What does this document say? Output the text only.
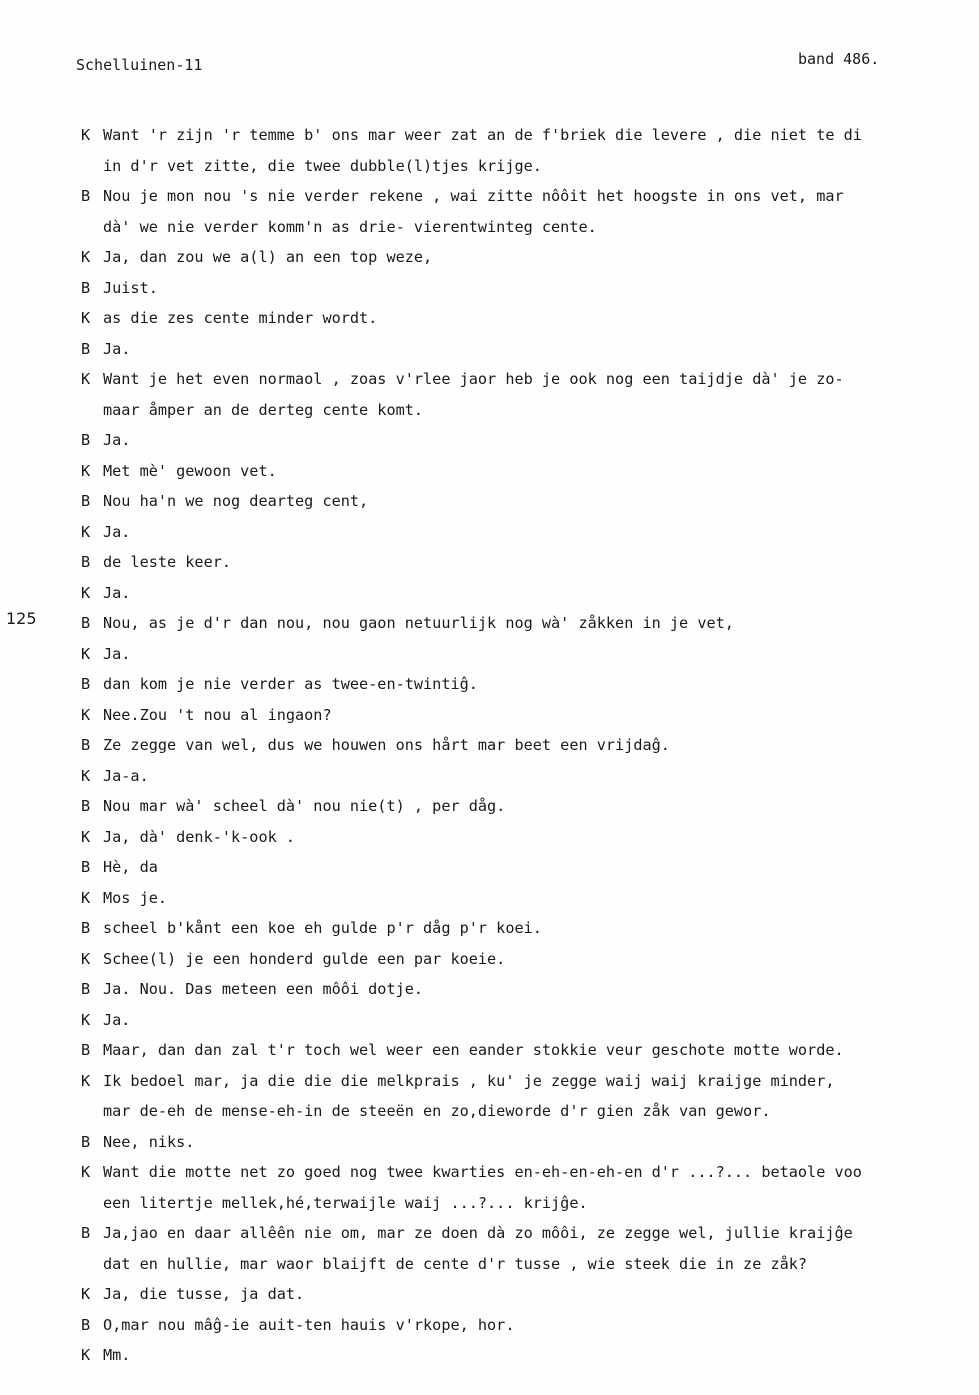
Schelluinen-11	band 486.
125
K Want 'r zijn 'r temme b' ons mar weer zat an de f'briek die levere , die niet te di
in d'r vet zitte, die twee dubble(l)tjes krijge.
B Nou je mon nou 's nie verder rekene , wai zitte nôôit het hoogste in ons vet, mar
dà' we nie verder komm'n as drie- vierentwinteg cente.
K Ja, dan zou we a(l) an een top weze,
B Juist.
K as die zes cente minder wordt.
B Ja.
K Want je het even normaol , zoas v'rlee jaor heb je ook nog een taijdje dà' je zo-
maar åmper an de derteg cente komt.
B Ja.
K Met mè' gewoon vet.
B Nou ha'n we nog dearteg cent,
K Ja.
B de leste keer.
K Ja.
B Nou, as je d'r dan nou, nou gaon netuurlijk nog wà' zåkken in je vet,
K Ja.
B dan kom je nie verder as twee-en-twintiĝ.
K Nee.Zou 't nou al ingaon?
B Ze zegge van wel, dus we houwen ons hårt mar beet een vrijdaĝ.
K Ja-a.
B Nou mar wà' scheel dà' nou nie(t) , per dåg.
K Ja, dà' denk-'k-ook .
B Hè, da
K Mos je.
B scheel b'kånt een koe eh gulde p'r dåg p'r koei.
K Schee(l) je een honderd gulde een par koeie.
B Ja. Nou. Das meteen een môôi dotje.
K Ja.
B Maar, dan dan zal t'r toch wel weer een eander stokkie veur geschote motte worde.
K Ik bedoel mar, ja die die die melkprais , ku' je zegge waij waij kraijge minder,
mar de-eh de mense-eh-in de steeën en zo,dieworde d'r gien zåk van gewor.
B Nee, niks.
K Want die motte net zo goed nog twee kwarties en-eh-en-eh-en d'r ...?... betaole voo
een litertje mellek,hé,terwaijle waij ...?... krijĝe.
B Ja,jao en daar allêên nie om, mar ze doen dà zo môôi, ze zegge wel, jullie kraijĝe
dat en hullie, mar waor blaijft de cente d'r tusse , wie steek die in ze zåk?
K Ja, die tusse, ja dat.
B O,mar nou mâĝ-ie auit-ten hauis v'rkope, hor.
K Mm.
